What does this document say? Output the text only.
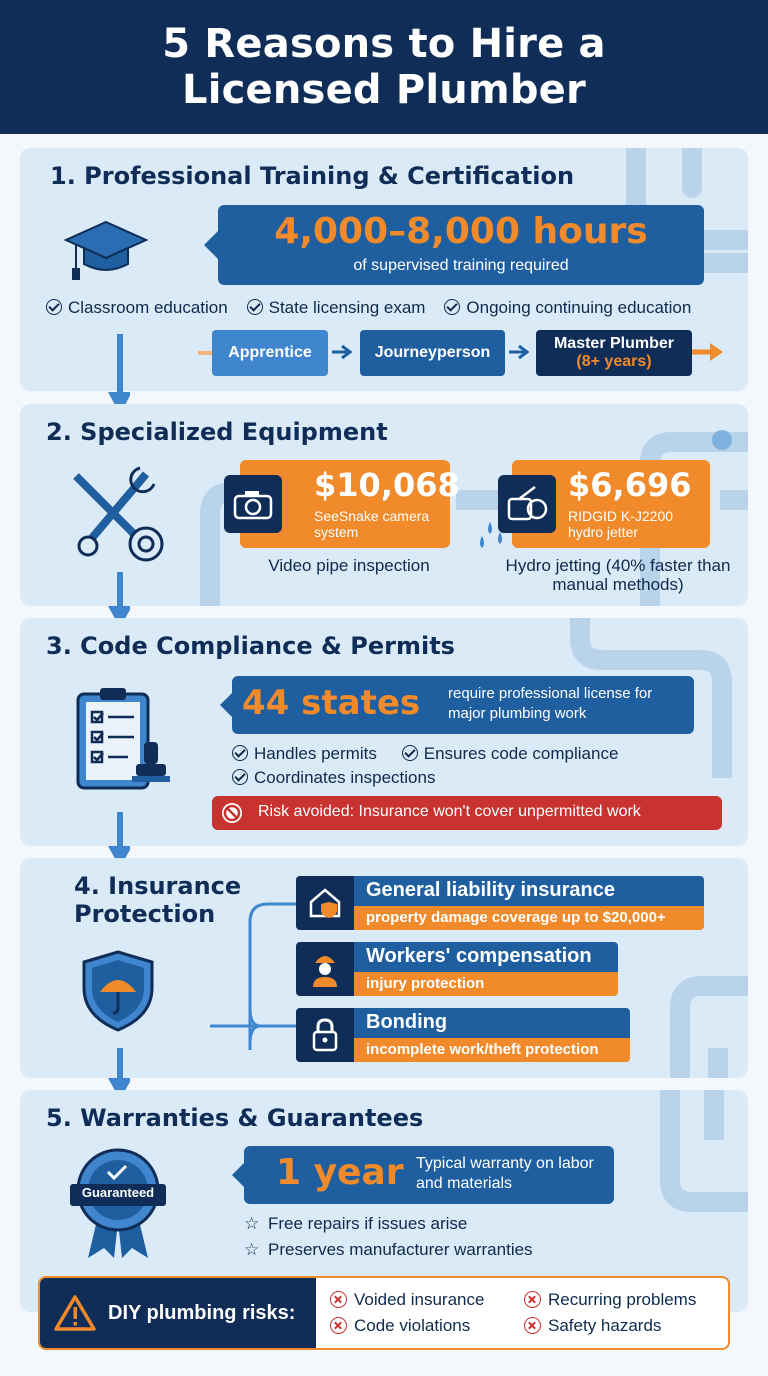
5 Reasons to Hire a Licensed Plumber
1. Professional Training & Certification
4,000–8,000 hours
of supervised training required
Classroom education State licensing exam Ongoing continuing education
Apprentice	Journeyperson
Master Plumber
(8+ years)
2. Specialized Equipment
$10,068
SeeSnake camera system
Video pipe inspection
$6,696
RIDGID K-J2200 hydro jetter
Hydro jetting (40% faster than manual methods)
3. Code Compliance & Permits
44 states require professional license for major plumbing work
Handles permits	Ensures code compliance
Coordinates inspections
Risk avoided: Insurance won't cover unpermitted work
4. Insurance
Protection
General liability insurance
property damage coverage up to $20,000+
Workers' compensation
injury protection
Bonding
incomplete work/theft protection
5. Warranties & Guarantees
Guaranteed	1 year Typical warranty on labor and materials
☆ Free repairs if issues arise
☆ Preserves manufacturer warranties
DIY plumbing risks:
Voided insurance	Recurring problems
Code violations	Safety hazards
